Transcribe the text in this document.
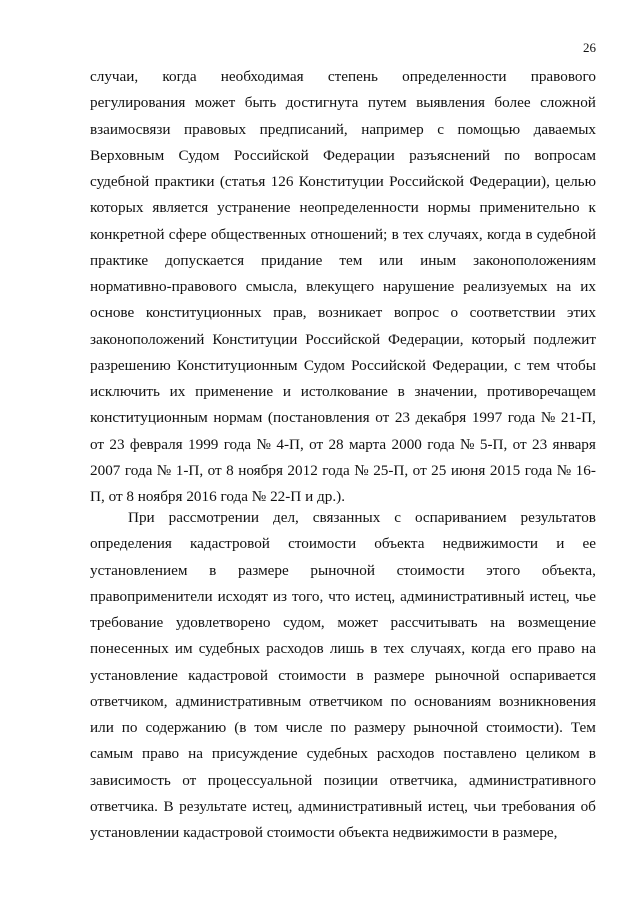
26
случаи, когда необходимая степень определенности правового
регулирования может быть достигнута путем выявления более сложной
взаимосвязи правовых предписаний, например с помощью даваемых
Верховным Судом Российской Федерации разъяснений по вопросам
судебной практики (статья 126 Конституции Российской Федерации), целью
которых является устранение неопределенности нормы применительно к
конкретной сфере общественных отношений; в тех случаях, когда в судебной
практике допускается придание тем или иным законоположениям
нормативно-правового смысла, влекущего нарушение реализуемых на их
основе конституционных прав, возникает вопрос о соответствии этих
законоположений Конституции Российской Федерации, который подлежит
разрешению Конституционным Судом Российской Федерации, с тем чтобы
исключить их применение и истолкование в значении, противоречащем
конституционным нормам (постановления от 23 декабря 1997 года № 21-П,
от 23 февраля 1999 года № 4-П, от 28 марта 2000 года № 5-П, от 23 января
2007 года № 1-П, от 8 ноября 2012 года № 25-П, от 25 июня 2015 года № 16-
П, от 8 ноября 2016 года № 22-П и др.).
При рассмотрении дел, связанных с оспариванием результатов
определения кадастровой стоимости объекта недвижимости и ее
установлением в размере рыночной стоимости этого объекта,
правоприменители исходят из того, что истец, административный истец, чье
требование удовлетворено судом, может рассчитывать на возмещение
понесенных им судебных расходов лишь в тех случаях, когда его право на
установление кадастровой стоимости в размере рыночной оспаривается
ответчиком, административным ответчиком по основаниям возникновения
или по содержанию (в том числе по размеру рыночной стоимости). Тем
самым право на присуждение судебных расходов поставлено целиком в
зависимость от процессуальной позиции ответчика, административного
ответчика. В результате истец, административный истец, чьи требования об
установлении кадастровой стоимости объекта недвижимости в размере,
